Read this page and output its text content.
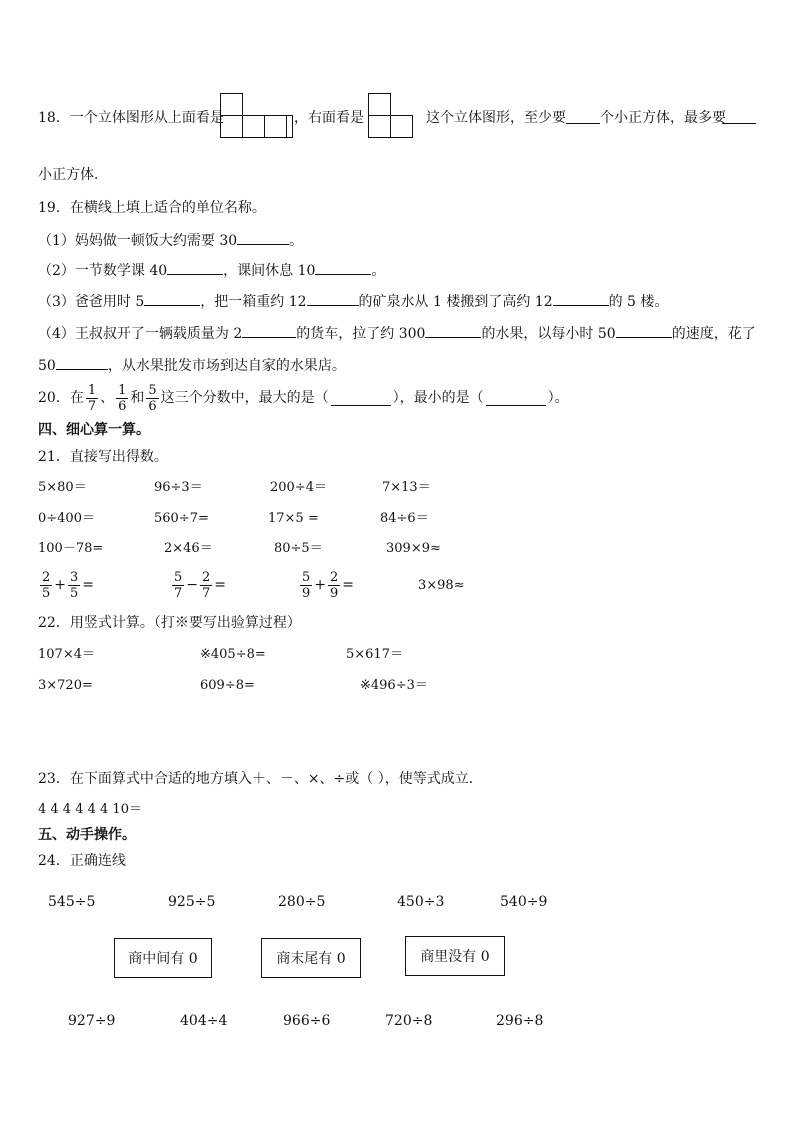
18．一个立体图形从上面看是	，右面看是	这个立体图形，至少要 个小正方体，最多要
小正方体．
19．在横线上填上适合的单位名称。
（1）妈妈做一顿饭大约需要 30	。
（2）一节数学课 40	，课间休息 10	。
（3）爸爸用时 5	，把一箱重约 12	的矿泉水从 1 楼搬到了高约 12	的 5 楼。
（4）王叔叔开了一辆载质量为 2	的货车，拉了约 300	的水果，以每小时 50	的速度，花了
50	，从水果批发市场到达自家的水果店。
20．在 $\frac{1}{7}$ 、 $\frac{1}{6}$ 和 $\frac{5}{6}$ 这三个分数中，最大的是（	），最小的是（	）。
四、细心算一算。
21．直接写出得数。
5×80＝	96÷3＝	200÷4＝	7×13＝
0÷400＝	560÷7=	17×5 =	84÷6＝
100－78=	2×46＝	80÷5＝	309×9≈
$\frac{2}{5} + \frac{3}{5}$ =	$\frac{5}{7} - \frac{2}{7}$ =	$\frac{5}{9} + \frac{2}{9}$ =	3×98≈
22．用竖式计算。（打※要写出验算过程）
107×4＝	※405÷8=	5×617＝
3×720=	609÷8=	※496÷3＝
23．在下面算式中合适的地方填入＋、－、×、÷或（ ），使等式成立．
4 4 4 4 4 4 10＝
五、动手操作。
24．正确连线
545÷5	925÷5	280÷5	450÷3	540÷9
商中间有 0	商末尾有 0	商里没有 0
927÷9	404÷4	966÷6	720÷8	296÷8
